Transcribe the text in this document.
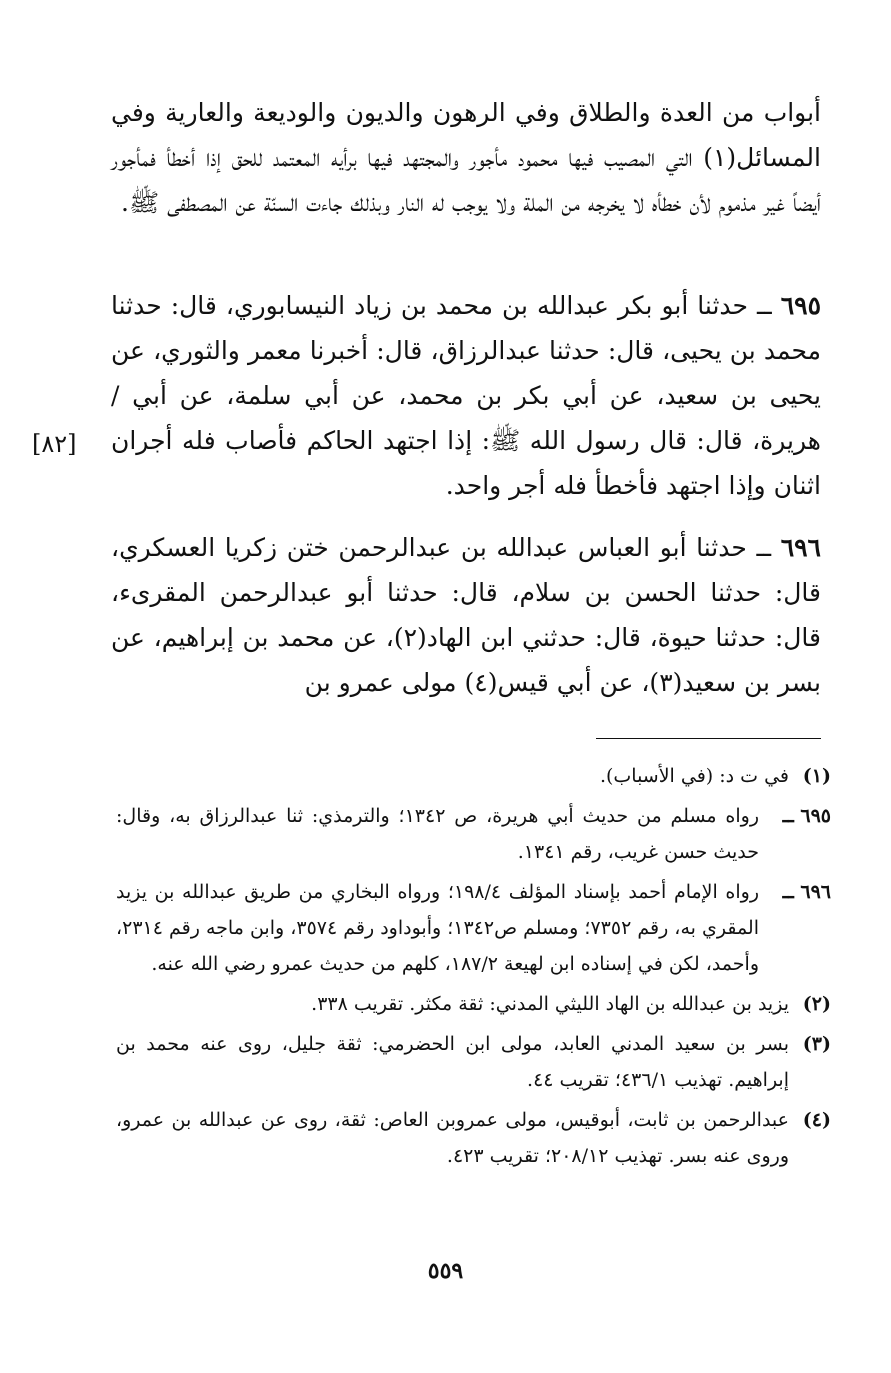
أبواب من العدة والطلاق وفي الرهون والديون والوديعة والعارية وفي المسائل(١) التي المصيب فيها محمود مأجور والمجتهد فيها برأيه المعتمد للحق إذا أخطأ فمأجور أيضاً غير مذموم لأن خطأه لا يخرجه من الملة ولا يوجب له النار وبذلك جاءت السنّة عن المصطفى ﷺ.

٦٩٥ ــ حدثنا أبو بكر عبدالله بن محمد بن زياد النيسابوري، قال: حدثنا محمد بن يحيى، قال: حدثنا عبدالرزاق، قال: أخبرنا معمر والثوري، عن يحيى بن سعيد، عن أبي بكر بن محمد، عن أبي سلمة، عن أبي / هريرة، قال: قال رسول الله ﷺ: إذا اجتهد الحاكم فأصاب فله أجران اثنان وإذا اجتهد فأخطأ فله أجر واحد.

[٨٢]

٦٩٦ ــ حدثنا أبو العباس عبدالله بن عبدالرحمن ختن زكريا العسكري، قال: حدثنا الحسن بن سلام، قال: حدثنا أبو عبدالرحمن المقرىء، قال: حدثنا حيوة، قال: حدثني ابن الهاد(٢)، عن محمد بن إبراهيم، عن بسر بن سعيد(٣)، عن أبي قيس(٤) مولى عمرو بن

(١)
في ت د: (في الأسباب).
٦٩٥ ــ
رواه مسلم من حديث أبي هريرة، ص ١٣٤٢؛ والترمذي: ثنا عبدالرزاق به، وقال: حديث حسن غريب، رقم ١٣٤١.
٦٩٦ ــ
رواه الإمام أحمد بإسناد المؤلف ١٩٨/٤؛ ورواه البخاري من طريق عبدالله بن يزيد المقري به، رقم ٧٣٥٢؛ ومسلم ص١٣٤٢؛ وأبوداود رقم ٣٥٧٤، وابن ماجه رقم ٢٣١٤، وأحمد، لكن في إسناده ابن لهيعة ١٨٧/٢، كلهم من حديث عمرو رضي الله عنه.
(٢)
يزيد بن عبدالله بن الهاد الليثي المدني: ثقة مكثر. تقريب ٣٣٨.
(٣)
بسر بن سعيد المدني العابد، مولى ابن الحضرمي: ثقة جليل، روى عنه محمد بن إبراهيم. تهذيب ٤٣٦/١؛ تقريب ٤٤.
(٤)
عبدالرحمن بن ثابت، أبوقيس، مولى عمروبن العاص: ثقة، روى عن عبدالله بن عمرو، وروى عنه بسر. تهذيب ٢٠٨/١٢؛ تقريب ٤٢٣.
٥٥٩
